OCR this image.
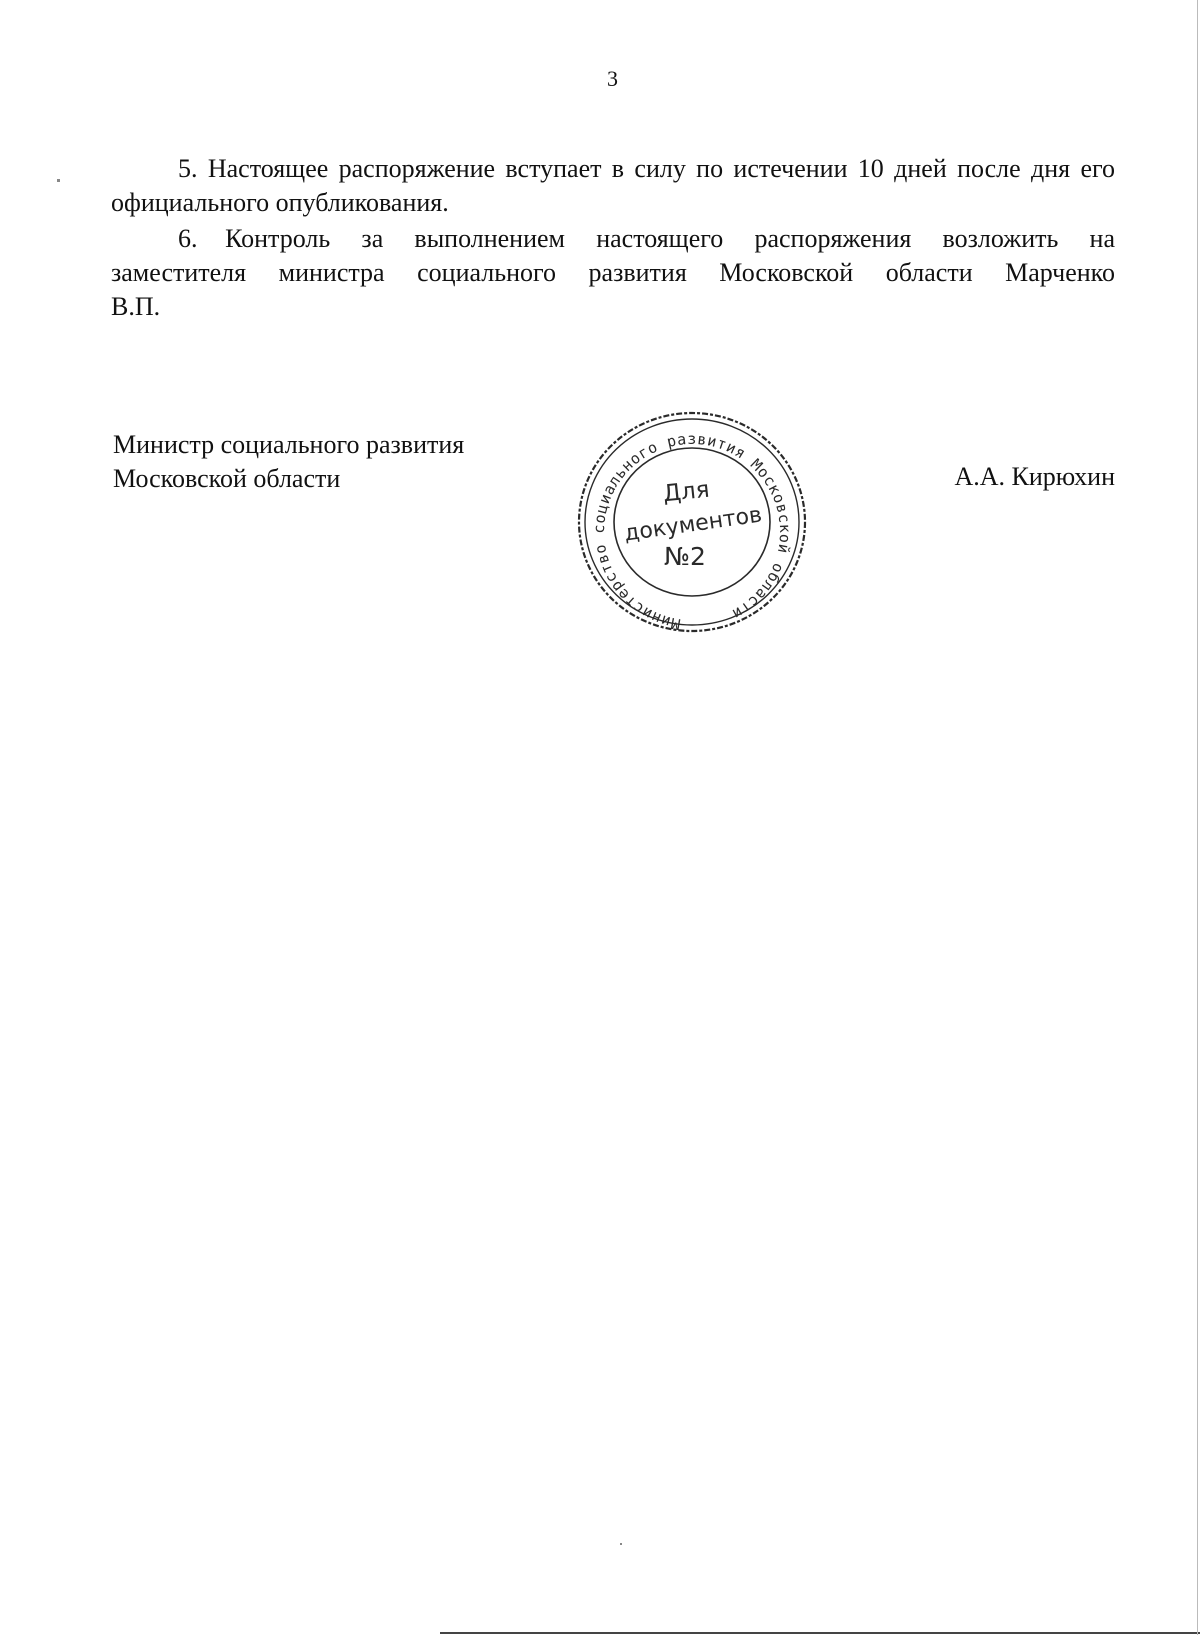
3

5. Настоящее распоряжение вступает в силу по истечении 10 дней после дня его официального опубликования.

6. Контроль за выполнением настоящего распоряжения возложить на заместителя министра социального развития Московской области Марченко В.П.

Министр социального развития
Московской области
Министерство социального развития Московской области
Для
документов
№2
А.А. Кирюхин
